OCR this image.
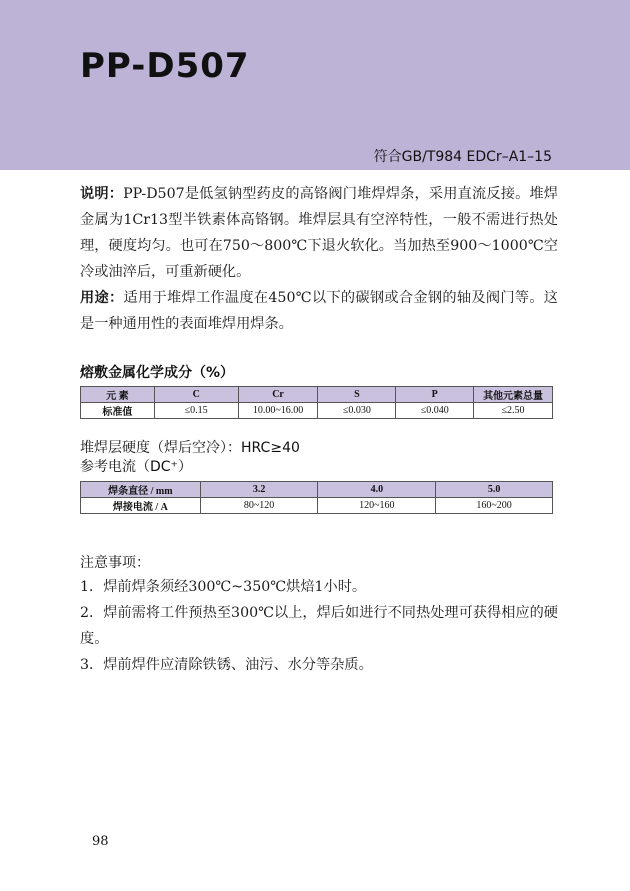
PP-D507
符合GB/T984 EDCr–A1–15
说明：PP-D507是低氢钠型药皮的高铬阀门堆焊焊条，采用直流反接。堆焊金属为1Cr13型半铁素体高铬钢。堆焊层具有空淬特性，一般不需进行热处理，硬度均匀。也可在750～800℃下退火软化。当加热至900～1000℃空冷或油淬后，可重新硬化。
用途：适用于堆焊工作温度在450℃以下的碳钢或合金钢的轴及阀门等。这是一种通用性的表面堆焊用焊条。
熔敷金属化学成分（%）
元 素	C	Cr	S	P	其他元素总量
标准值	≤0.15	10.00~16.00	≤0.030	≤0.040	≤2.50
堆焊层硬度（焊后空冷）：HRC≥40
参考电流（DC⁺）
焊条直径 / mm	3.2	4.0	5.0
焊接电流 / A	80~120	120~160	160~200
注意事项：
1．焊前焊条须经300℃~350℃烘焙1小时。
2．焊前需将工件预热至300℃以上，焊后如进行不同热处理可获得相应的硬度。
3．焊前焊件应清除铁锈、油污、水分等杂质。
98
